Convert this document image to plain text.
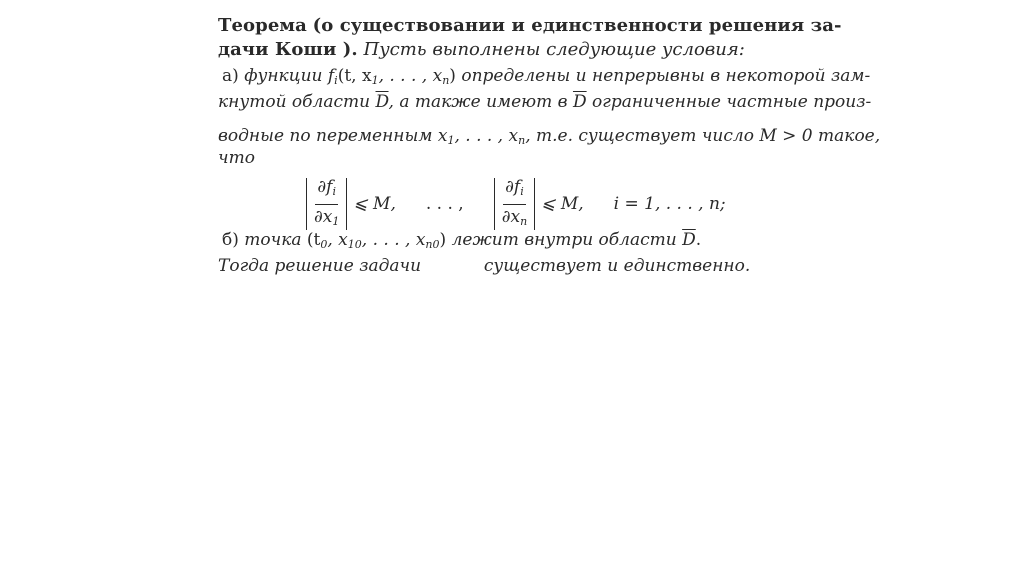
Теорема (о существовании и единственности решения за-
дачи Коши ). Пусть выполнены следующие условия:
а) функции $f_i(t$, $x_1$, . . . , $x_n$) определены и непрерывны в некоторой зам-
кнутой области $\overline{D}$, а также имеют в $\overline{D}$ ограниченные частные произ-
водные по переменным $x_1$, . . . , $x_n$, т.е. существует число M > 0 такое,
что
$\frac{\partial f_i}{\partial x_1}$ ⩽ M, . . . , $\frac{\partial f_i}{\partial x_n}$ ⩽ M, i = 1, . . . , n;
б) точка ($t_0$, $x_{10}$, . . . , $x_{n0}$) лежит внутри области $\overline{D}$.
Тогда решение задачи	существует и единственно.
